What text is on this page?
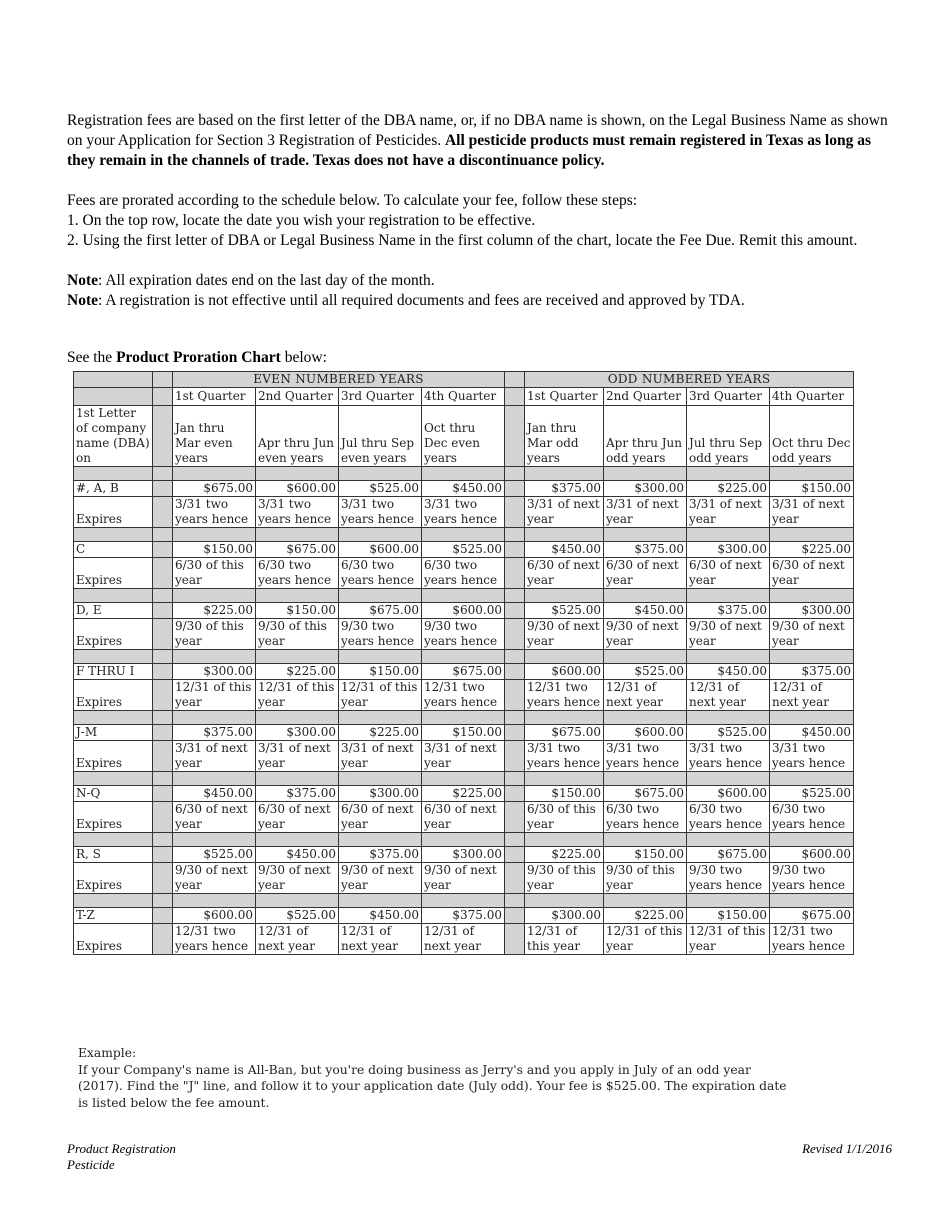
Registration fees are based on the first letter of the DBA name, or, if no DBA name is shown, on the Legal Business Name as shown on your Application for Section 3 Registration of Pesticides. All pesticide products must remain registered in Texas as long as they remain in the channels of trade. Texas does not have a discontinuance policy.

Fees are prorated according to the schedule below. To calculate your fee, follow these steps:

1. On the top row, locate the date you wish your registration to be effective.

2. Using the first letter of DBA or Legal Business Name in the first column of the chart, locate the Fee Due. Remit this amount.

Note: All expiration dates end on the last day of the month.

Note: A registration is not effective until all required documents and fees are received and approved by TDA.

See the Product Proration Chart below:
		EVEN NUMBERED YEARS					ODD NUMBERED YEARS			
		1st Quarter	2nd Quarter	3rd Quarter	4th Quarter		1st Quarter	2nd Quarter	3rd Quarter	4th Quarter
1st Letter of company name (DBA) on		Jan thru Mar even years	Apr thru Jun even years	Jul thru Sep even years	Oct thru Dec even years		Jan thru Mar odd years	Apr thru Jun odd years	Jul thru Sep odd years	Oct thru Dec odd years

#, A, B		$675.00	$600.00	$525.00	$450.00		$375.00	$300.00	$225.00	$150.00
Expires		3/31 two years hence	3/31 two years hence	3/31 two years hence	3/31 two years hence		3/31 of next year	3/31 of next year	3/31 of next year	3/31 of next year

C		$150.00	$675.00	$600.00	$525.00		$450.00	$375.00	$300.00	$225.00
Expires		6/30 of this year	6/30 two years hence	6/30 two years hence	6/30 two years hence		6/30 of next year	6/30 of next year	6/30 of next year	6/30 of next year

D, E		$225.00	$150.00	$675.00	$600.00		$525.00	$450.00	$375.00	$300.00
Expires		9/30 of this year	9/30 of this year	9/30 two years hence	9/30 two years hence		9/30 of next year	9/30 of next year	9/30 of next year	9/30 of next year

F THRU I		$300.00	$225.00	$150.00	$675.00		$600.00	$525.00	$450.00	$375.00
Expires		12/31 of this year	12/31 of this year	12/31 of this year	12/31 two years hence		12/31 two years hence	12/31 of next year	12/31 of next year	12/31 of next year

J-M		$375.00	$300.00	$225.00	$150.00		$675.00	$600.00	$525.00	$450.00
Expires		3/31 of next year	3/31 of next year	3/31 of next year	3/31 of next year		3/31 two years hence	3/31 two years hence	3/31 two years hence	3/31 two years hence

N-Q		$450.00	$375.00	$300.00	$225.00		$150.00	$675.00	$600.00	$525.00
Expires		6/30 of next year	6/30 of next year	6/30 of next year	6/30 of next year		6/30 of this year	6/30 two years hence	6/30 two years hence	6/30 two years hence

R, S		$525.00	$450.00	$375.00	$300.00		$225.00	$150.00	$675.00	$600.00
Expires		9/30 of next year	9/30 of next year	9/30 of next year	9/30 of next year		9/30 of this year	9/30 of this year	9/30 two years hence	9/30 two years hence

T-Z		$600.00	$525.00	$450.00	$375.00		$300.00	$225.00	$150.00	$675.00
Expires		12/31 two years hence	12/31 of next year	12/31 of next year	12/31 of next year		12/31 of this year	12/31 of this year	12/31 of this year	12/31 two years hence

Example:

If your Company's name is All-Ban, but you're doing business as Jerry's and you apply in July of an odd year (2017). Find the "J" line, and follow it to your application date (July odd). Your fee is $525.00. The expiration date is listed below the fee amount.

Product Registration
Pesticide
Revised 1/1/2016
